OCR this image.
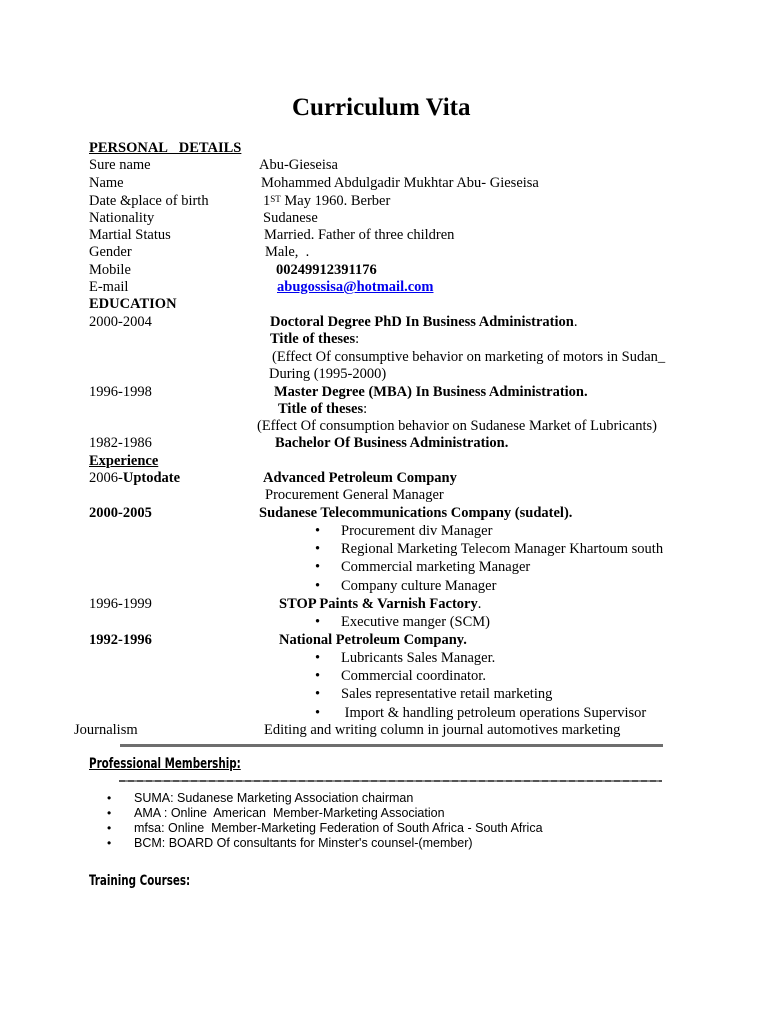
Curriculum Vita
PERSONAL DETAILS
Sure name	Abu-Gieseisa
Name	Mohammed Abdulgadir Mukhtar Abu- Gieseisa
Date &place of birth	1ST May 1960. Berber
Nationality	Sudanese
Martial Status	Married. Father of three children
Gender	Male,  .
Mobile	00249912391176
E-mail	abugossisa@hotmail.com
EDUCATION
2000-2004	Doctoral Degree PhD In Business Administration.
Title of theses:
(Effect Of consumptive behavior on marketing of motors in Sudan_
During (1995-2000)
1996-1998	Master Degree (MBA) In Business Administration.
Title of theses:
(Effect Of consumption behavior on Sudanese Market of Lubricants)
1982-1986	Bachelor Of Business Administration.
Experience
2006-Uptodate	Advanced Petroleum Company
Procurement General Manager
2000-2005	Sudanese Telecommunications Company (sudatel).
• Procurement div Manager
• Regional Marketing Telecom Manager Khartoum south
• Commercial marketing Manager
• Company culture Manager
1996-1999	STOP Paints & Varnish Factory.
• Executive manger (SCM)
1992-1996	National Petroleum Company.
• Lubricants Sales Manager.
• Commercial coordinator.
• Sales representative retail marketing
•  Import & handling petroleum operations Supervisor
Journalism	Editing and writing column in journal automotives marketing
Professional Membership:
• SUMA: Sudanese Marketing Association chairman
• AMA : Online  American  Member-Marketing Association
• mfsa: Online  Member-Marketing Federation of South Africa - South Africa
• BCM: BOARD Of consultants for Minster's counsel-(member)
Training Courses:
